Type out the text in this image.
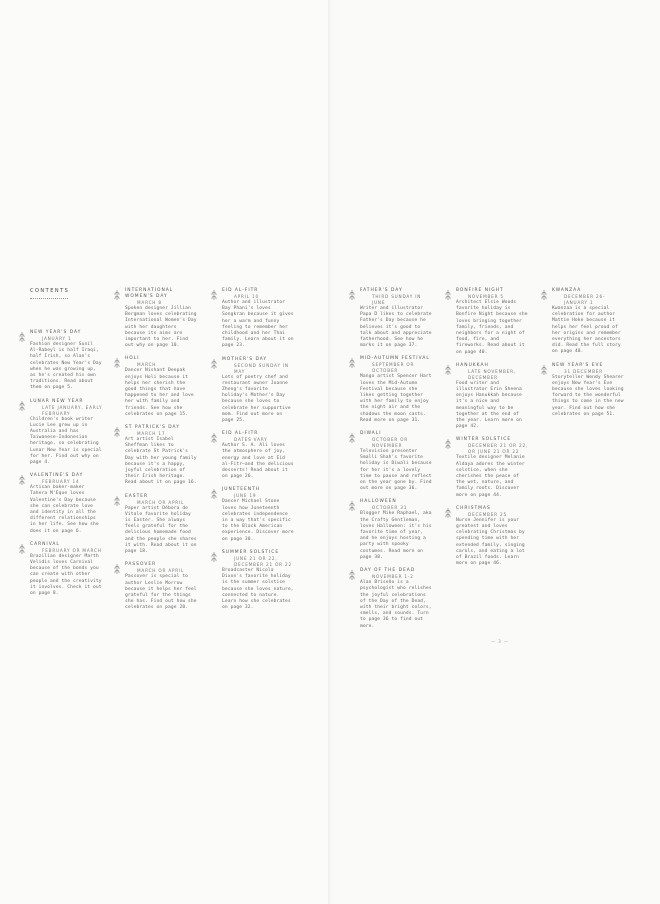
CONTENTS
NEW YEAR'S DAY
JANUARY 1
Fashion designer Sunil Al-Rabeyl is half Iraqi, half Irish, so Alan's celebrates New Year's Day when he was growing up, as he's created his own traditions. Read about them on page 5.
LUNAR NEW YEAR
LATE JANUARY, EARLY FEBRUARY
Children's book writer Lucie Lee grew up in Australia and has Taiwanese-Indonesian heritage, so celebrating Lunar New Year is special for her. Find out why on page 4.
VALENTINE'S DAY
FEBRUARY 14
Artisan baker-maker Tahera M'Eque loves Valentine's Day because she can celebrate love and identity in all the different relationships in her life. See how she does it on page 6.
CARNIVAL
FEBRUARY OR MARCH
Brazilian designer Marth Velidis loves Carnival because of the bonds you can create with other people and the creativity it involves. Check it out on page 8.
INTERNATIONAL WOMEN'S DAY
MARCH 8
Spoken designer Jillian Bergman loves celebrating International Women's Day with her daughters because its aims are important to her. Find out why on page 10.
HOLI
MARCH
Dancer Nishant Deepak enjoys Holi because it helps her cherish the good things that have happened to her and love her with family and friends. See how she celebrates on page 15.
ST PATRICK'S DAY
MARCH 17
Art artist Isabel Sheffman likes to celebrate St Patrick's Day with her young family because it's a happy, joyful celebration of their Irish heritage. Read about it on page 16.
EASTER
MARCH OR APRIL
Paper artist Débora de Vitale favorite holiday is Easter. She always feels grateful for the delicious homemade food and the people she shares it with. Read about it on page 18.
PASSOVER
MARCH OR APRIL
Passover is special to author Leslie Morrow because it helps her feel grateful for the things she has. Find out how she celebrates on page 20.
EID AL-FITR
APRIL 10
Author and illustrator Bay Phani's loves Songkran because it gives her a warm and funny feeling to remember her childhood and her Thai family. Learn about it on page 23.
MOTHER'S DAY
SECOND SUNDAY IN MAY
Lots of poetry chef and restaurant owner Joanne Zheng's favorite holiday's Mother's Day because she loves to celebrate her supportive mom. Find out more on page 25.
EID AL-FITR
DATES VARY
Author S. A. Ali loves the atmosphere of joy, energy and love at Eid al-Fitr—and the delicious desserts! Read about it on page 26.
JUNETEENTH
JUNE 19
Dancer Michael Stone loves how Juneteenth celebrates independence in a way that's specific to the Black American experience. Discover more on page 30.
SUMMER SOLSTICE
JUNE 21 OR 22, DECEMBER 21 OR 22
Broadcaster Nicola Dixon's favorite holiday is the summer solstice because she loves nature, connected to nature. Learn how she celebrates on page 32.
FATHER'S DAY
THIRD SUNDAY IN JUNE
Writer and illustrator Papa D likes to celebrate Father's Day because he believes it's good to talk about and appreciate fatherhood. See how he marks it on page 37.
MID-AUTUMN FESTIVAL
SEPTEMBER OR OCTOBER
Mango artist Spencer Hart loves the Mid-Autumn Festival because she likes getting together with her family to enjoy the night air and the shadows the moon casts. Read more on page 31.
DIWALI
OCTOBER OR NOVEMBER
Television presenter Smalli Shah's favorite holiday is Diwali because for her it's a lovely time to pause and reflect on the year gone by. Find out more on page 36.
HALLOWEEN
OCTOBER 31
Blogger Mike Raphael, aka the Crafty Gentleman, loves Halloween: it's his favorite time of year, and he enjoys hosting a party with spooky costumes. Read more on page 38.
DAY OF THE DEAD
NOVEMBER 1-2
Alan Briseño is a psychologist who relishes the joyful celebrations of the Day of the Dead, with their bright colors, smells, and sounds. Turn to page 36 to find out more.
BONFIRE NIGHT
NOVEMBER 5
Architect Elsie Woods favorite holiday is Bonfire Night because she loves bringing together family, friends, and neighbors for a night of food, fire, and fireworks. Read about it on page 40.
HANUKKAH
LATE NOVEMBER, DECEMBER
Food writer and illustrator Erin Sheena enjoys Hanukkah because it's a nice and meaningful way to be together at the end of the year. Learn more on page 42.
WINTER SOLSTICE
DECEMBER 21 OR 22, OR JUNE 21 OR 22
Textile designer Melanie Aldaya adores the winter solstice, when she cherishes the peace of the wet, nature, and family roots. Discover more on page 44.
CHRISTMAS
DECEMBER 25
Nurse Jennifer is your greatest and loves celebrating Christmas by spending time with her extended family, singing carols, and eating a lot of Brazil foods. Learn more on page 46.
KWANZAA
DECEMBER 26-JANUARY 1
Kwanzaa is a special celebration for author Mattie Hoke because it helps her feel proud of her origins and remember everything her ancestors did. Read the full story on page 48.
NEW YEAR'S EVE
31 DECEMBER
Storyteller Wendy Shearer enjoys New Year's Eve because she loves looking forward to the wonderful things to come in the new year. Find out how she celebrates on page 51.
— 3 —
